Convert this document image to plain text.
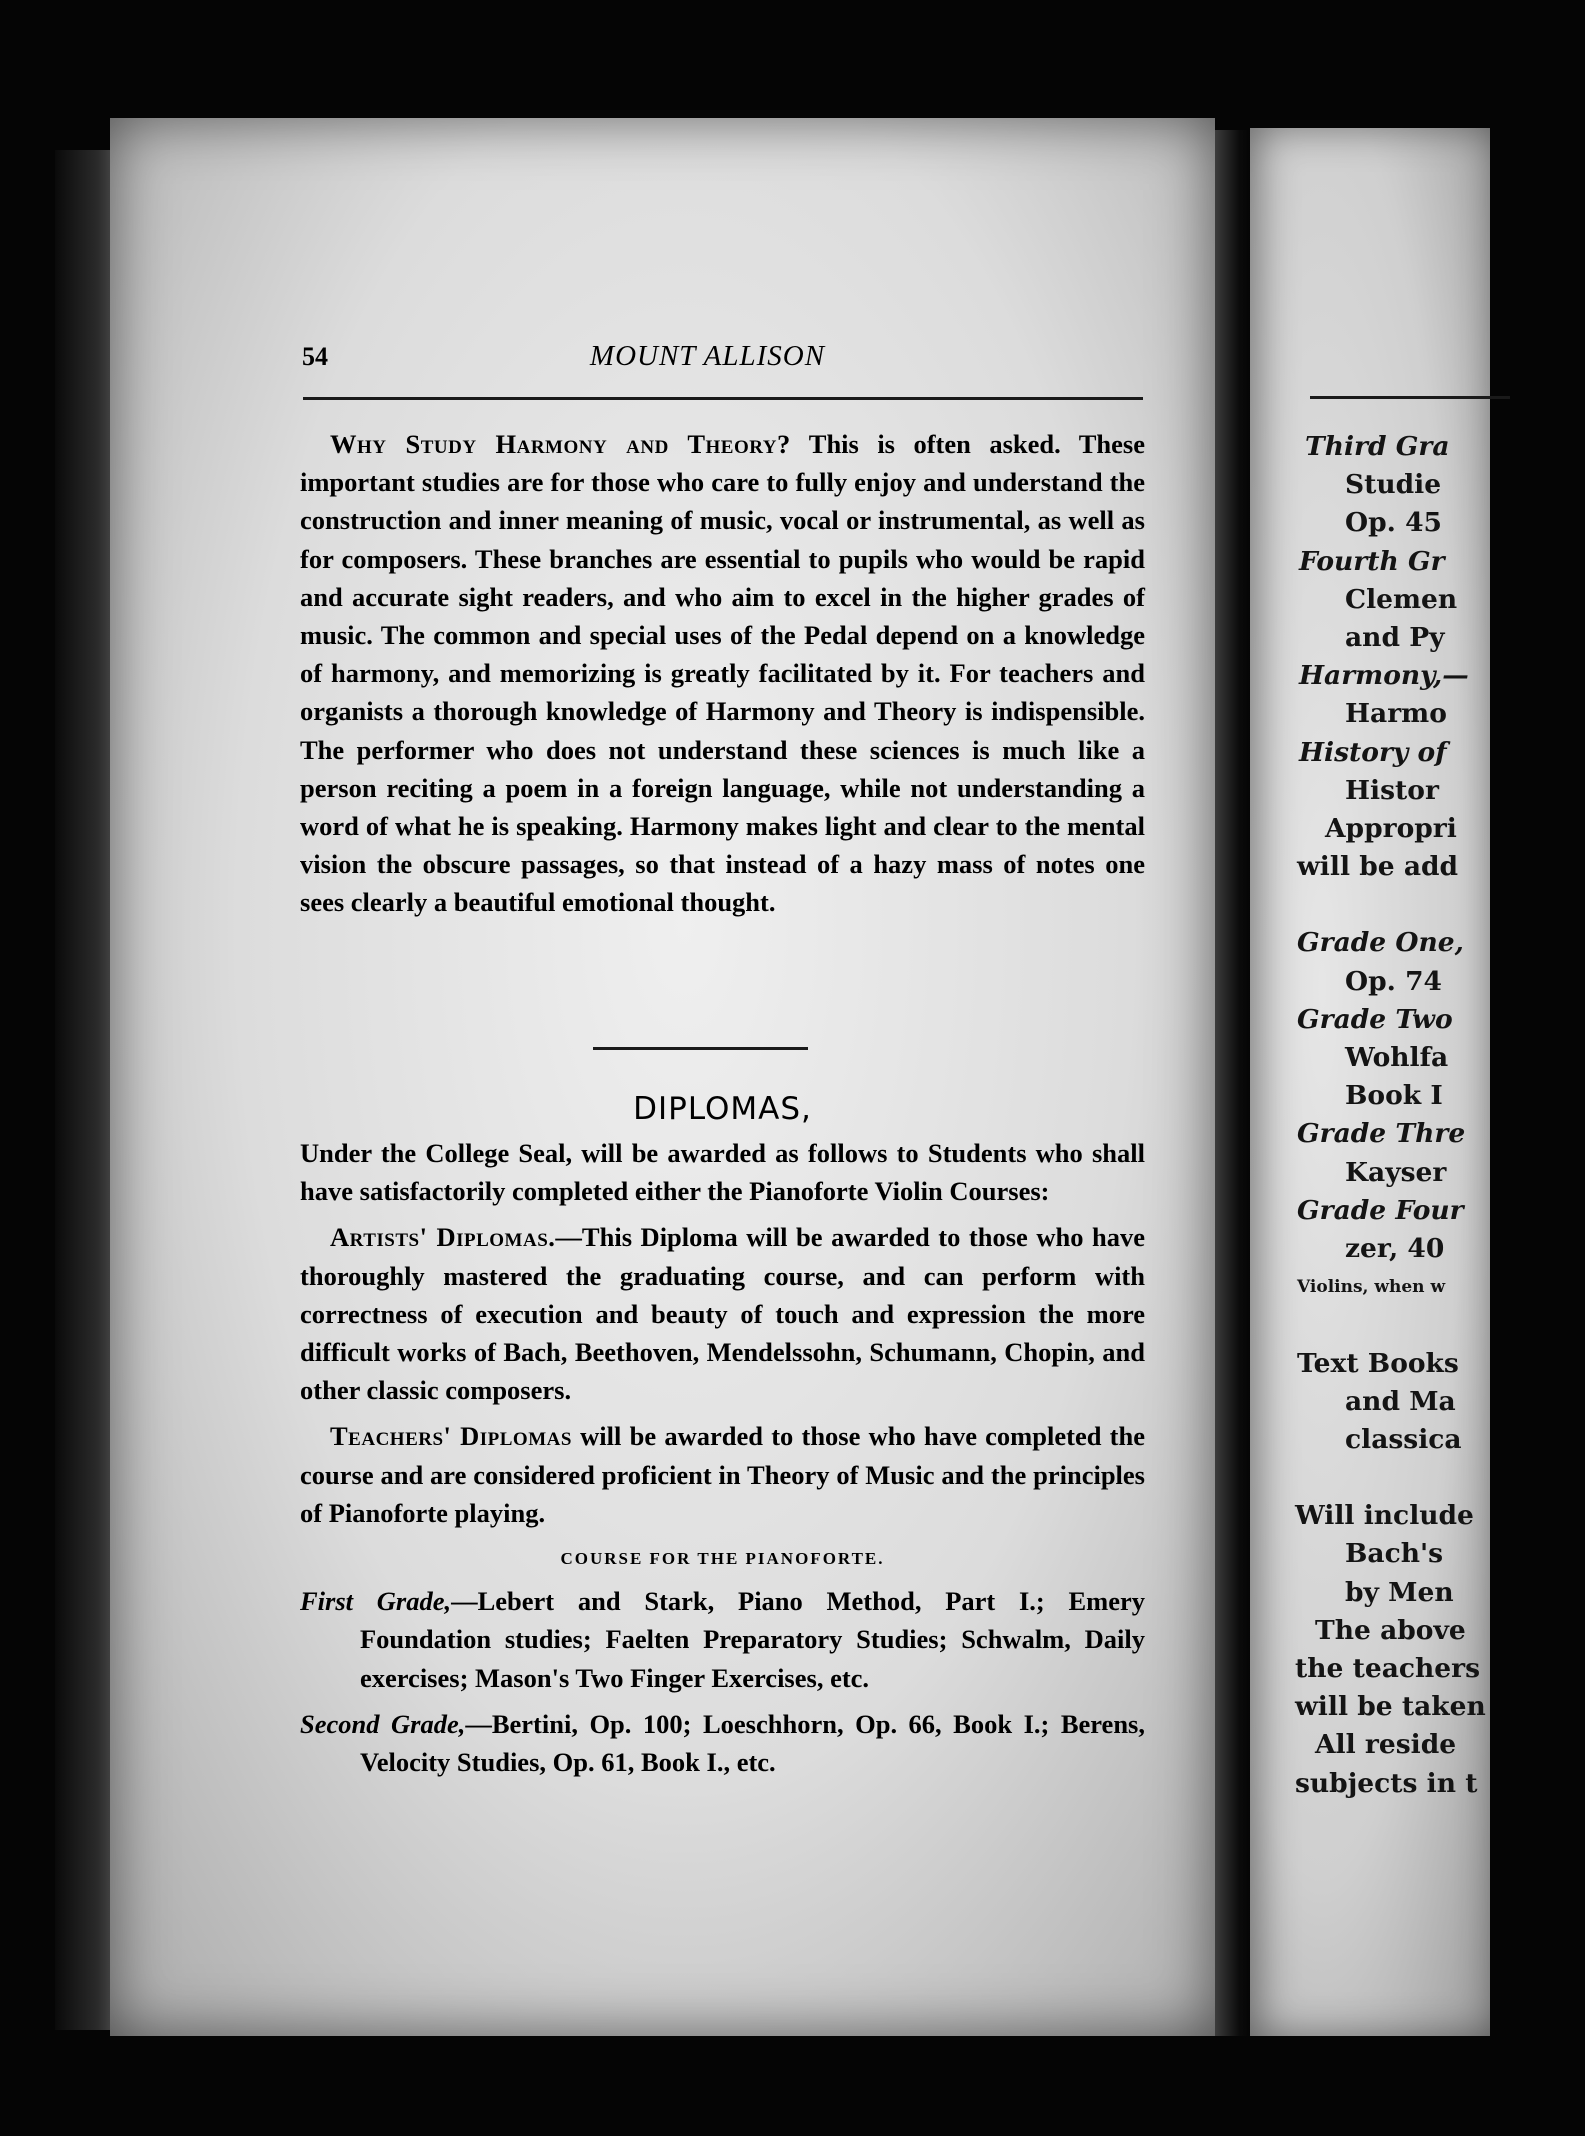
54	MOUNT ALLISON

Why Study Harmony and Theory? This is often asked. These important studies are for those who care to fully enjoy and understand the construction and inner meaning of music, vocal or instrumental, as well as for composers. These branches are essential to pupils who would be rapid and accurate sight readers, and who aim to excel in the higher grades of music. The common and special uses of the Pedal depend on a knowledge of harmony, and memorizing is greatly facilitated by it. For teachers and organists a thorough knowledge of Harmony and Theory is indispensible. The performer who does not understand these sciences is much like a person reciting a poem in a foreign language, while not understanding a word of what he is speaking. Harmony makes light and clear to the mental vision the obscure passages, so that instead of a hazy mass of notes one sees clearly a beautiful emotional thought.

DIPLOMAS,

Under the College Seal, will be awarded as follows to Students who shall have satisfactorily completed either the Pianoforte Violin Courses:

Artists' Diplomas.—This Diploma will be awarded to those who have thoroughly mastered the graduating course, and can perform with correctness of execution and beauty of touch and expression the more difficult works of Bach, Beethoven, Mendelssohn, Schumann, Chopin, and other classic composers.

Teachers' Diplomas will be awarded to those who have completed the course and are considered proficient in Theory of Music and the principles of Pianoforte playing.

COURSE FOR THE PIANOFORTE.

First Grade,—Lebert and Stark, Piano Method, Part I.; Emery Foundation studies; Faelten Preparatory Studies; Schwalm, Daily exercises; Mason's Two Finger Exercises, etc.

Second Grade,—Bertini, Op. 100; Loeschhorn, Op. 66, Book I.; Berens, Velocity Studies, Op. 61, Book I., etc.

Third Gra
Studie
Op. 45
Fourth Gr
Clemen
and Py
Harmony,—
Harmo
History of
Histor
Appropri
will be add
Grade One,
Op. 74
Grade Two
Wohlfa
Book I
Grade Thre
Kayser
Grade Four
zer, 40
Violins, when w
Text Books
and Ma
classica
Will include
Bach's
by Men
The above
the teachers
will be taken
All reside
subjects in t
